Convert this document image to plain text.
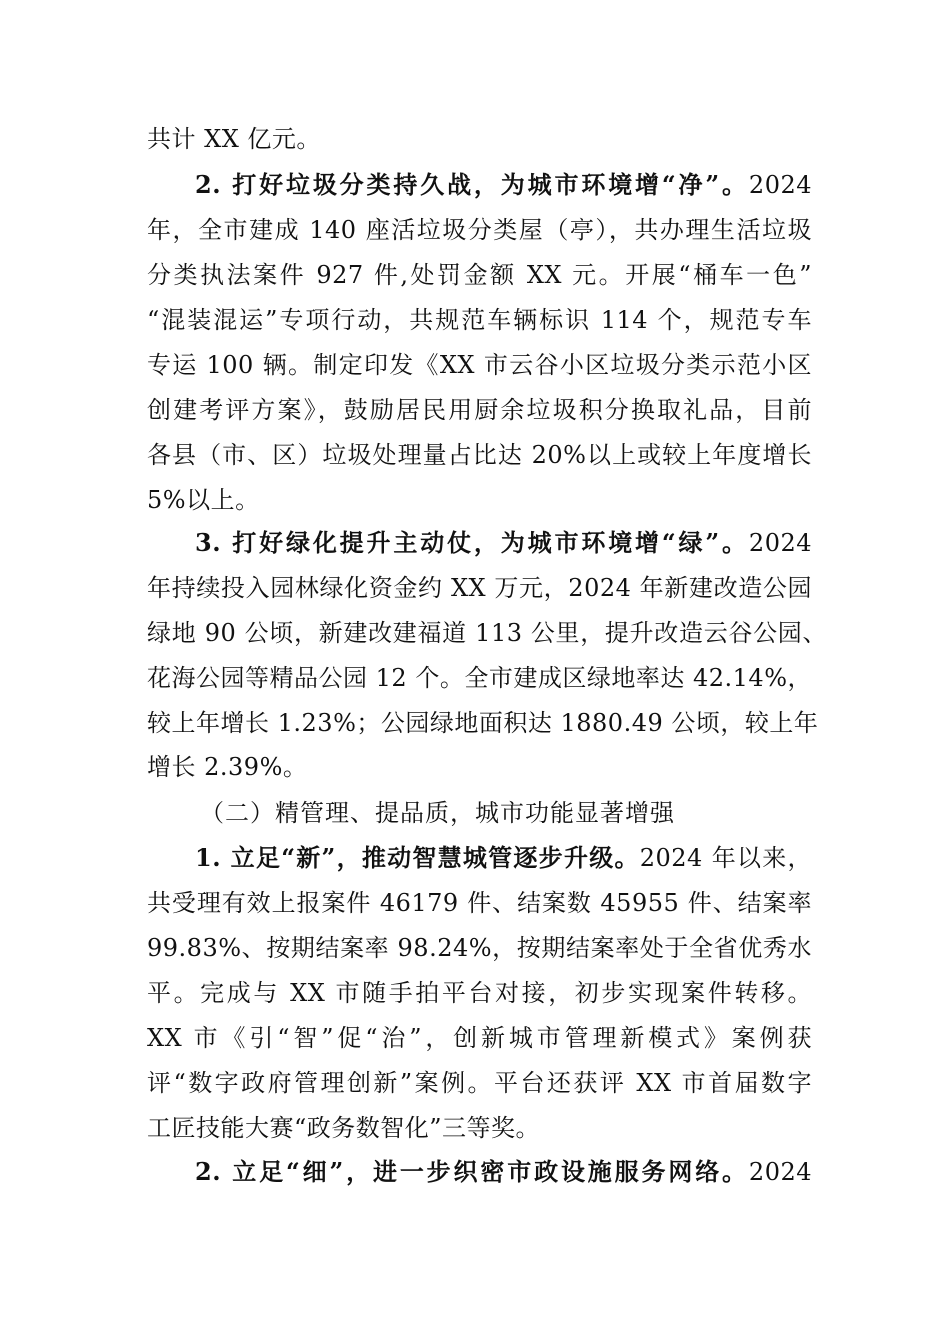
共计 XX 亿元。
2. 打好垃圾分类持久战，为城市环境增“净”。2024
年，全市建成 140 座活垃圾分类屋（亭），共办理生活垃圾
分类执法案件 927 件,处罚金额 XX 元。开展“桶车一色”
“混装混运”专项行动，共规范车辆标识 114 个，规范专车
专运 100 辆。制定印发《XX 市云谷小区垃圾分类示范小区
创建考评方案》，鼓励居民用厨余垃圾积分换取礼品，目前
各县（市、区）垃圾处理量占比达 20%以上或较上年度增长
5%以上。
3. 打好绿化提升主动仗，为城市环境增“绿”。2024
年持续投入园林绿化资金约 XX 万元，2024 年新建改造公园
绿地 90 公顷，新建改建福道 113 公里，提升改造云谷公园、
花海公园等精品公园 12 个。全市建成区绿地率达 42.14%，
较上年增长 1.23%；公园绿地面积达 1880.49 公顷，较上年
增长 2.39%。
（二）精管理、提品质，城市功能显著增强
1. 立足“新”，推动智慧城管逐步升级。2024 年以来，
共受理有效上报案件 46179 件、结案数 45955 件、结案率
99.83%、按期结案率 98.24%，按期结案率处于全省优秀水
平。完成与 XX 市随手拍平台对接，初步实现案件转移。
XX 市《引“智”促“治”，创新城市管理新模式》案例获
评“数字政府管理创新”案例。平台还获评 XX 市首届数字
工匠技能大赛“政务数智化”三等奖。
2. 立足“细”，进一步织密市政设施服务网络。2024
